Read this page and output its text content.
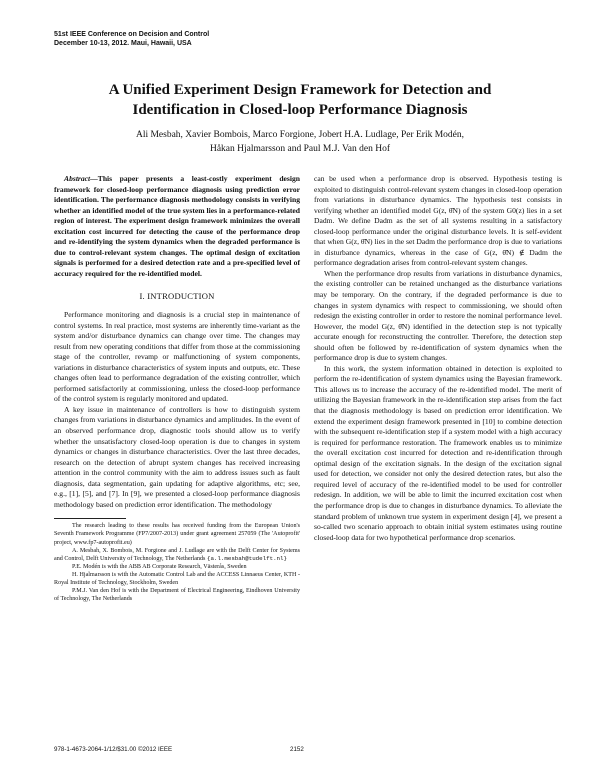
51st IEEE Conference on Decision and Control
December 10-13, 2012. Maui, Hawaii, USA
A Unified Experiment Design Framework for Detection and
Identification in Closed-loop Performance Diagnosis
Ali Mesbah, Xavier Bombois, Marco Forgione, Jobert H.A. Ludlage, Per Erik Modén,
Håkan Hjalmarsson and Paul M.J. Van den Hof

Abstract—This paper presents a least-costly experiment design framework for closed-loop performance diagnosis using prediction error identification. The performance diagnosis methodology consists in verifying whether an identified model of the true system lies in a performance-related region of interest. The experiment design framework minimizes the overall excitation cost incurred for detecting the cause of the performance drop and re-identifying the system dynamics when the degraded performance is due to control-relevant system changes. The optimal design of excitation signals is performed for a desired detection rate and a pre-specified level of accuracy required for the re-identified model.

I. INTRODUCTION

Performance monitoring and diagnosis is a crucial step in maintenance of control systems. In real practice, most systems are inherently time-variant as the system and/or disturbance dynamics can change over time. The changes may result from new operating conditions that differ from those at the commissioning stage of the controller, revamp or malfunctioning of system components, variations in disturbance characteristics of system inputs and outputs, etc. These changes often lead to performance degradation of the existing controller, which performed satisfactorily at commissioning, unless the closed-loop performance of the control system is regularly monitored and updated.

A key issue in maintenance of controllers is how to distinguish system changes from variations in disturbance dynamics and amplitudes. In the event of an observed performance drop, diagnostic tools should allow us to verify whether the unsatisfactory closed-loop operation is due to changes in system dynamics or changes in disturbance characteristics. Over the last three decades, research on the detection of abrupt system changes has received increasing attention in the control community with the aim to address issues such as fault diagnosis, data segmentation, gain updating for adaptive algorithms, etc; see, e.g., [1], [5], and [7]. In [9], we presented a closed-loop performance diagnosis methodology based on prediction error identification. The methodology

The research leading to these results has received funding from the European Union's Seventh Framework Programme (FP7/2007-2013) under grant agreement 257059 (The 'Autoprofit' project, www.fp7-autoprofit.eu)

A. Mesbah, X. Bombois, M. Forgione and J. Ludlage are with the Delft Center for Systems and Control, Delft University of Technology, The Netherlands {a.l.mesbah@tudelft.nl}

P.E. Modén is with the ABB AB Corporate Research, Västerås, Sweden

H. Hjalmarsson is with the Automatic Control Lab and the ACCESS Linnaeus Center, KTH - Royal Institute of Technology, Stockholm, Sweden

P.M.J. Van den Hof is with the Department of Electrical Engineering, Eindhoven University of Technology, The Netherlands

can be used when a performance drop is observed. Hypothesis testing is exploited to distinguish control-relevant system changes in closed-loop operation from variations in disturbance dynamics. The hypothesis test consists in verifying whether an identified model G(z, θ̂N) of the system G0(z) lies in a set Dadm. We define Dadm as the set of all systems resulting in a satisfactory closed-loop performance under the original disturbance levels. It is self-evident that when G(z, θ̂N) lies in the set Dadm the performance drop is due to variations in disturbance dynamics, whereas in the case of G(z, θ̂N) ∉ Dadm the performance degradation arises from control-relevant system changes.

When the performance drop results from variations in disturbance dynamics, the existing controller can be retained unchanged as the disturbance variations may be temporary. On the contrary, if the degraded performance is due to changes in system dynamics with respect to commissioning, we should often redesign the existing controller in order to restore the nominal performance level. However, the model G(z, θ̂N) identified in the detection step is not typically accurate enough for reconstructing the controller. Therefore, the detection step should often be followed by re-identification of system dynamics when the performance drop is due to system changes.

In this work, the system information obtained in detection is exploited to perform the re-identification of system dynamics using the Bayesian framework. This allows us to increase the accuracy of the re-identified model. The merit of utilizing the Bayesian framework in the re-identification step arises from the fact that the diagnosis methodology is based on prediction error identification. We extend the experiment design framework presented in [10] to combine detection with the subsequent re-identification step if a system model with a high accuracy is required for performance restoration. The framework enables us to minimize the overall excitation cost incurred for detection and re-identification through optimal design of the excitation signals. In the design of the excitation signal used for detection, we consider not only the desired detection rates, but also the required level of accuracy of the re-identified model to be used for controller redesign. In addition, we will be able to limit the incurred excitation cost when the performance drop is due to changes in disturbance dynamics. To alleviate the standard problem of unknown true system in experiment design [4], we present a so-called two scenario approach to obtain initial system estimates using routine closed-loop data for two hypothetical performance drop scenarios.

978-1-4673-2064-1/12/$31.00 ©2012 IEEE	2152
